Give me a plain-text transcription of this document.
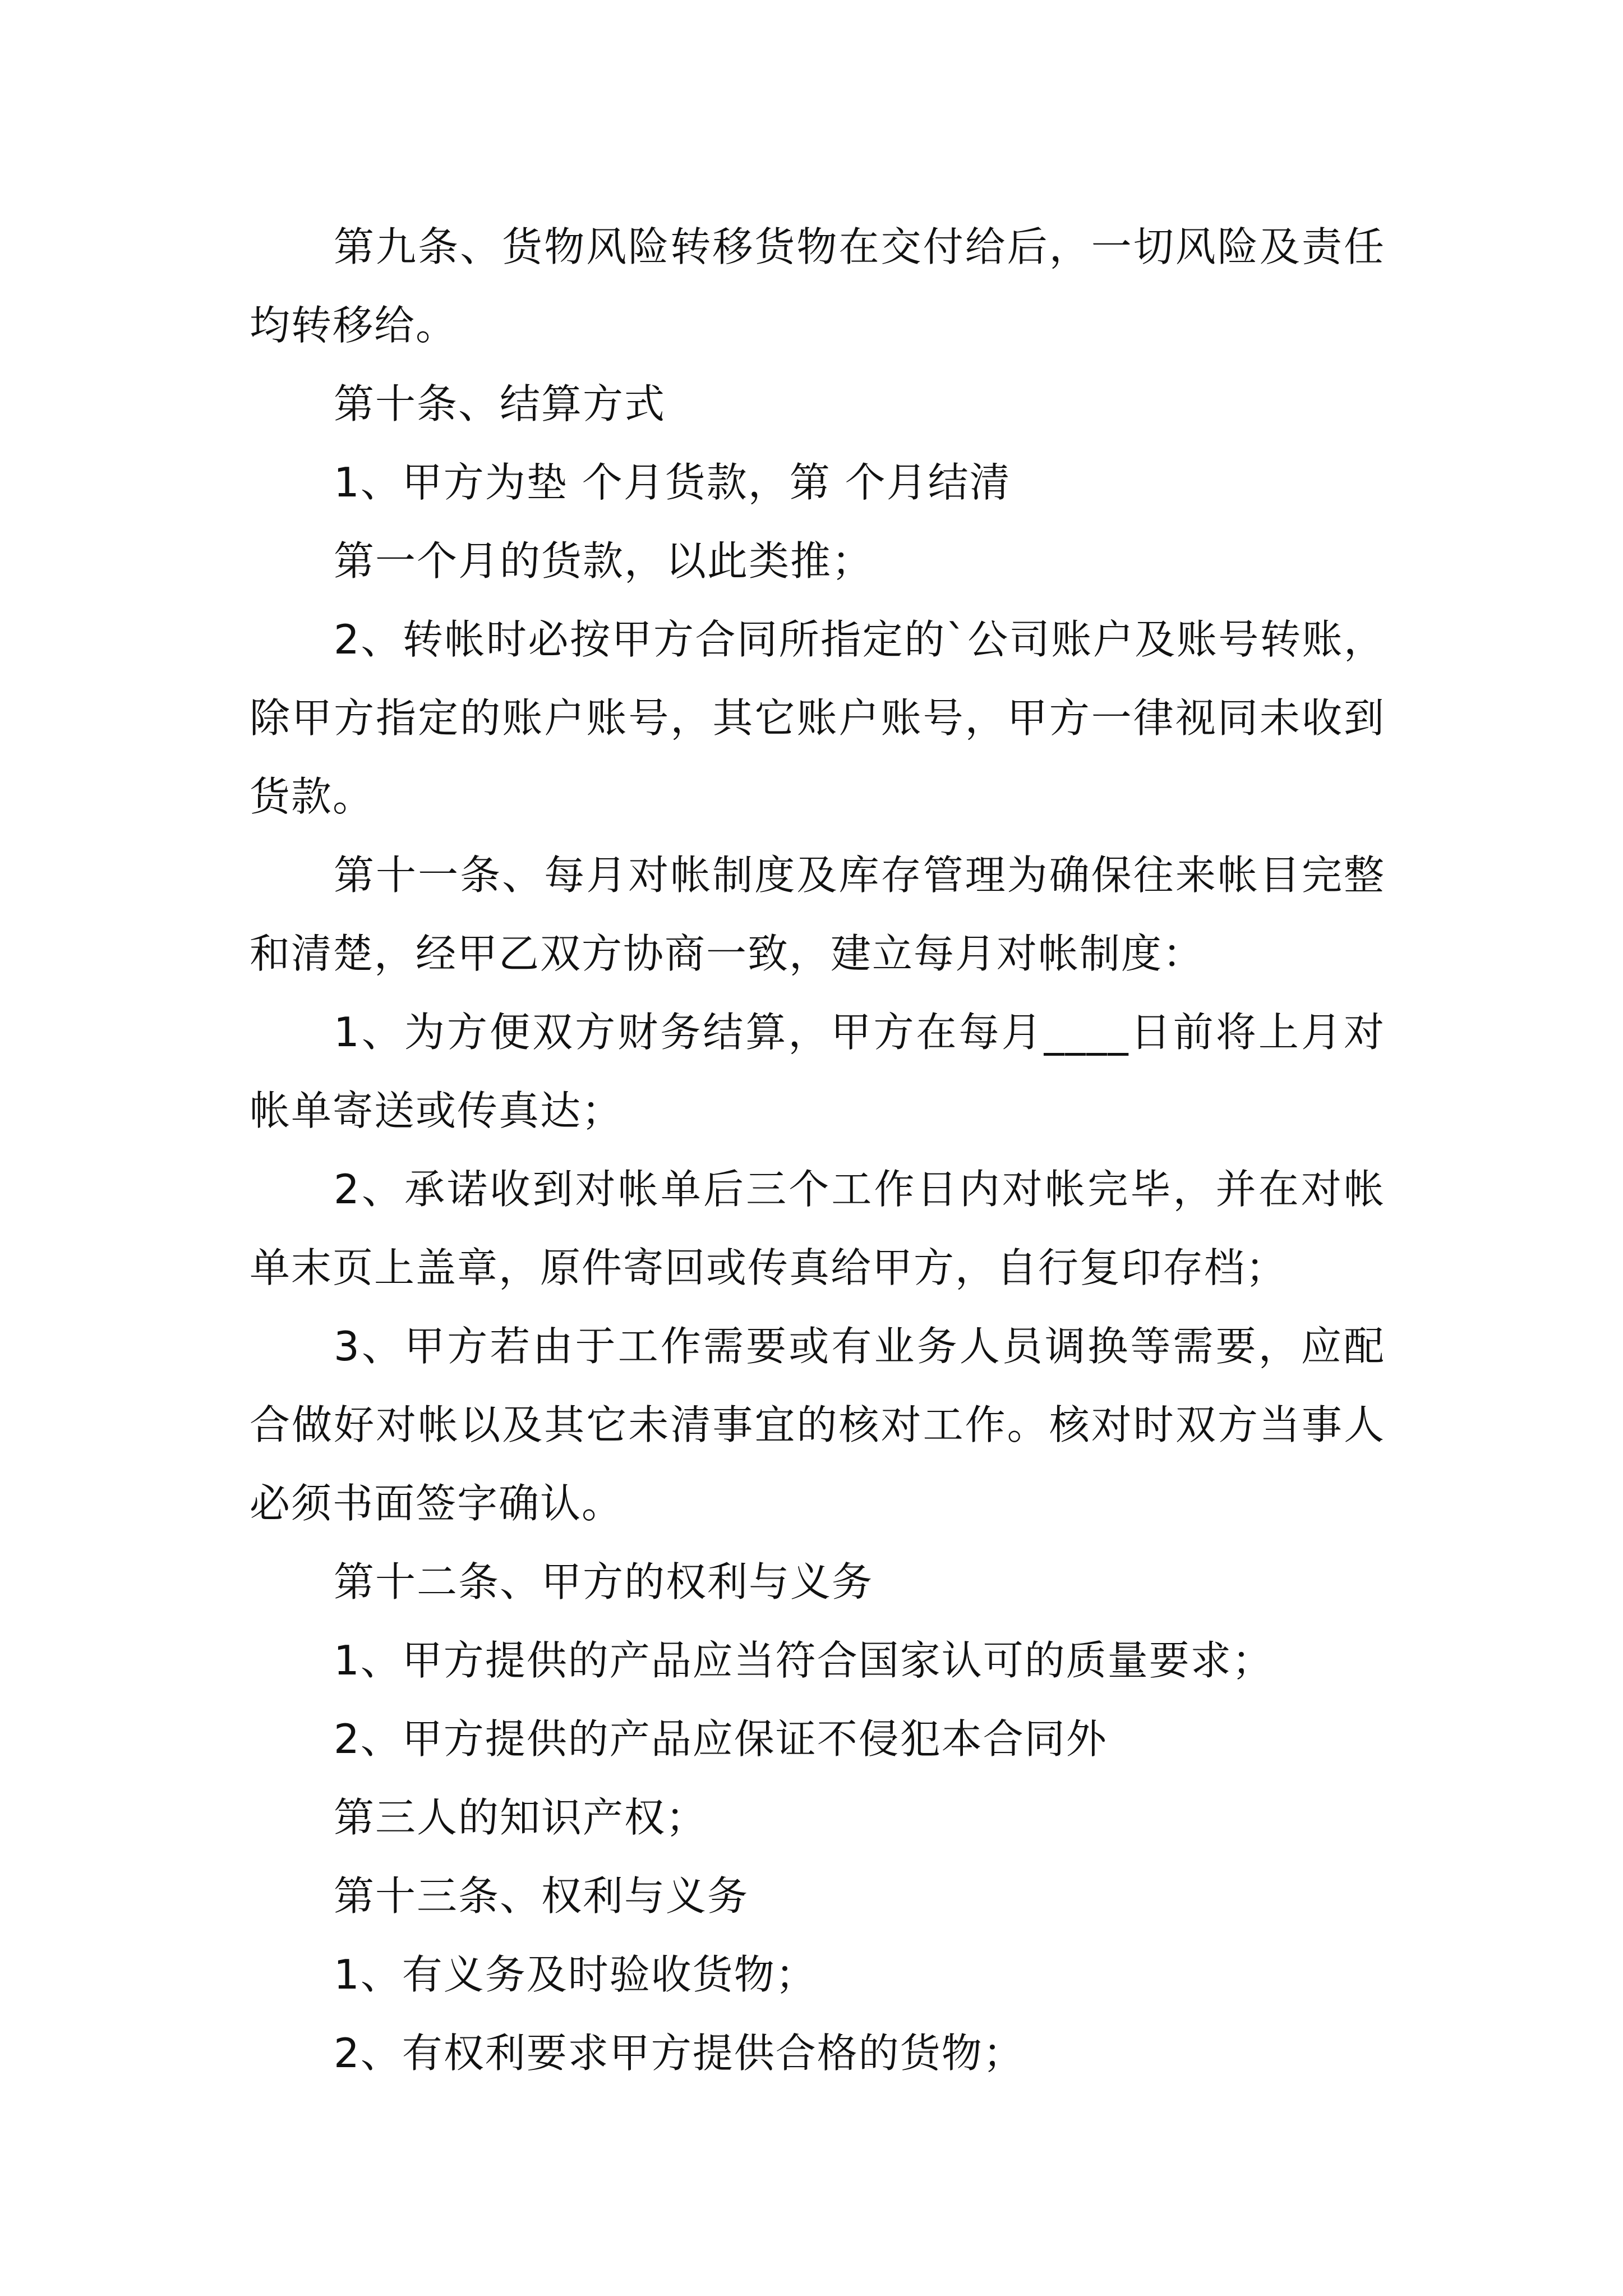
第九条、货物风险转移货物在交付给后，一切风险及责任均转移给。

第十条、结算方式

1、甲方为垫 个月货款，第 个月结清

第一个月的货款，以此类推；

2、转帐时必按甲方合同所指定的`公司账户及账号转账，除甲方指定的账户账号，其它账户账号，甲方一律视同未收到货款。

第十一条、每月对帐制度及库存管理为确保往来帐目完整和清楚，经甲乙双方协商一致，建立每月对帐制度：

1、为方便双方财务结算，甲方在每月____日前将上月对帐单寄送或传真达；

2、承诺收到对帐单后三个工作日内对帐完毕，并在对帐单末页上盖章，原件寄回或传真给甲方，自行复印存档；

3、甲方若由于工作需要或有业务人员调换等需要，应配合做好对帐以及其它未清事宜的核对工作。核对时双方当事人必须书面签字确认。

第十二条、甲方的权利与义务

1、甲方提供的产品应当符合国家认可的质量要求；

2、甲方提供的产品应保证不侵犯本合同外

第三人的知识产权；

第十三条、权利与义务

1、有义务及时验收货物；

2、有权利要求甲方提供合格的货物；
